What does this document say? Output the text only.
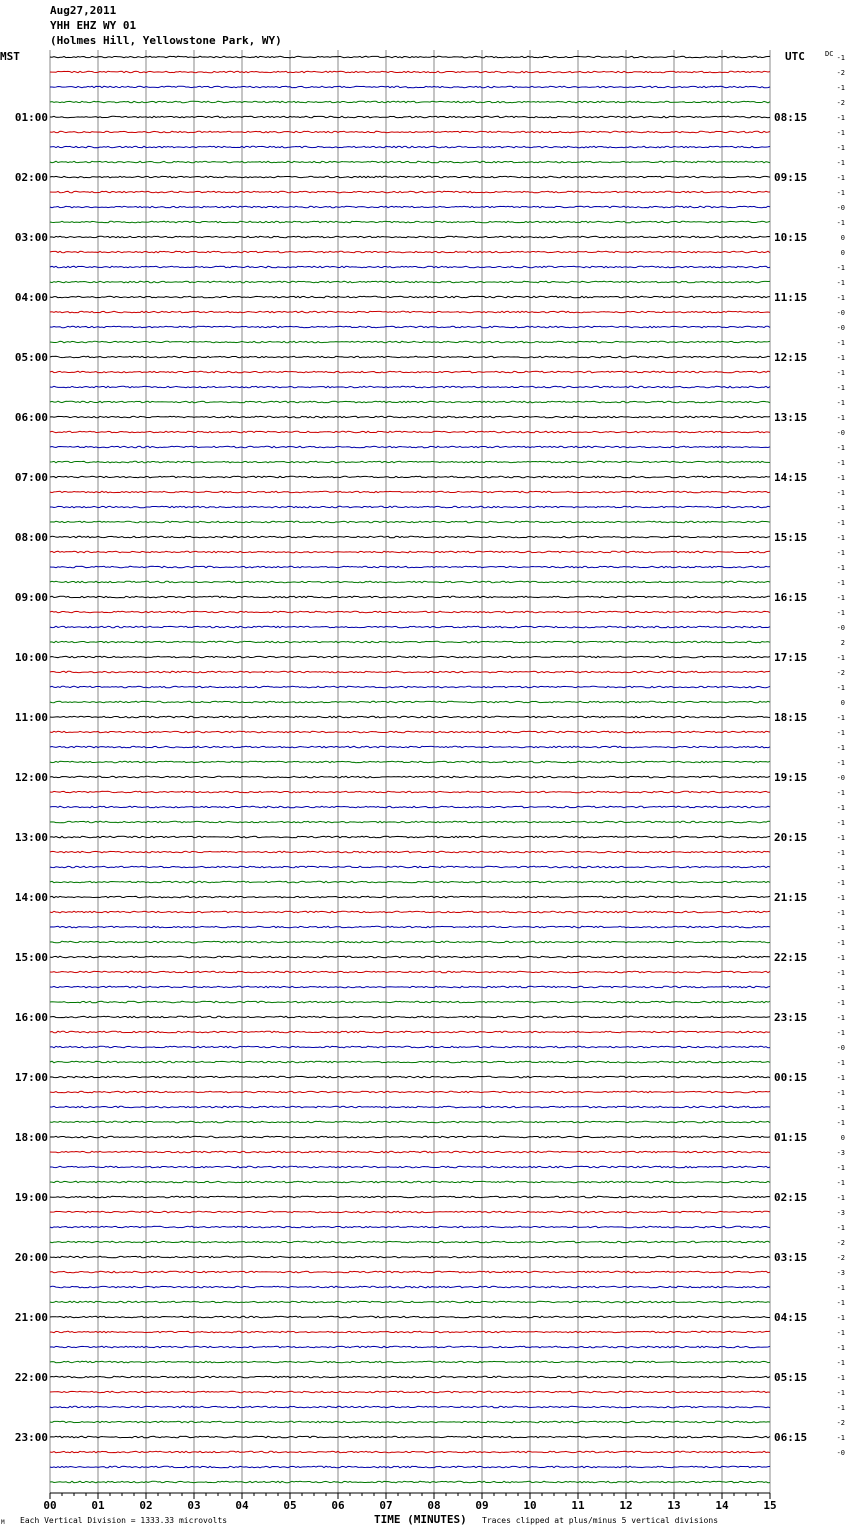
Aug27,2011
YHH EHZ WY 01
(Holmes Hill, Yellowstone Park, WY)
MST	UTC
01:00
02:00
03:00
04:00
05:00
06:00
07:00
08:00
09:00
10:00
11:00
12:00
13:00
14:00
15:00
16:00
17:00
18:00
19:00
20:00
21:00
22:00
23:00
08:15
09:15
10:15
11:15
12:15
13:15
14:15
15:15
16:15
17:15
18:15
19:15
20:15
21:15
22:15
23:15
00:15
01:15
02:15
03:15
04:15
05:15
06:15
-1
-2
-1
-2
-1
-1
-1
-1
-1
-1
-0
-1
0
0
-1
-1
-1
-0
-0
-1
-1
-1
-1
-1
-1
-0
-1
-1
-1
-1
-1
-1
-1
-1
-1
-1
-1
-1
-0
2
-1
-2
-1
0
-1
-1
-1
-1
-0
-1
-1
-1
-1
-1
-1
-1
-1
-1
-1
-1
-1
-1
-1
-1
-1
-1
-0
-1
-1
-1
-1
-1
0
-3
-1
-1
-1
-3
-1
-2
-2
-3
-1
-1
-1
-1
-1
-1
-1
-1
-1
-2
-1
-0
00	01	02	03	04	05	06	07	08	09	10	11	12	13	14	15
DC
M Each Vertical Division = 1333.33 microvolts	TIME (MINUTES) Traces clipped at plus/minus 5 vertical divisions
